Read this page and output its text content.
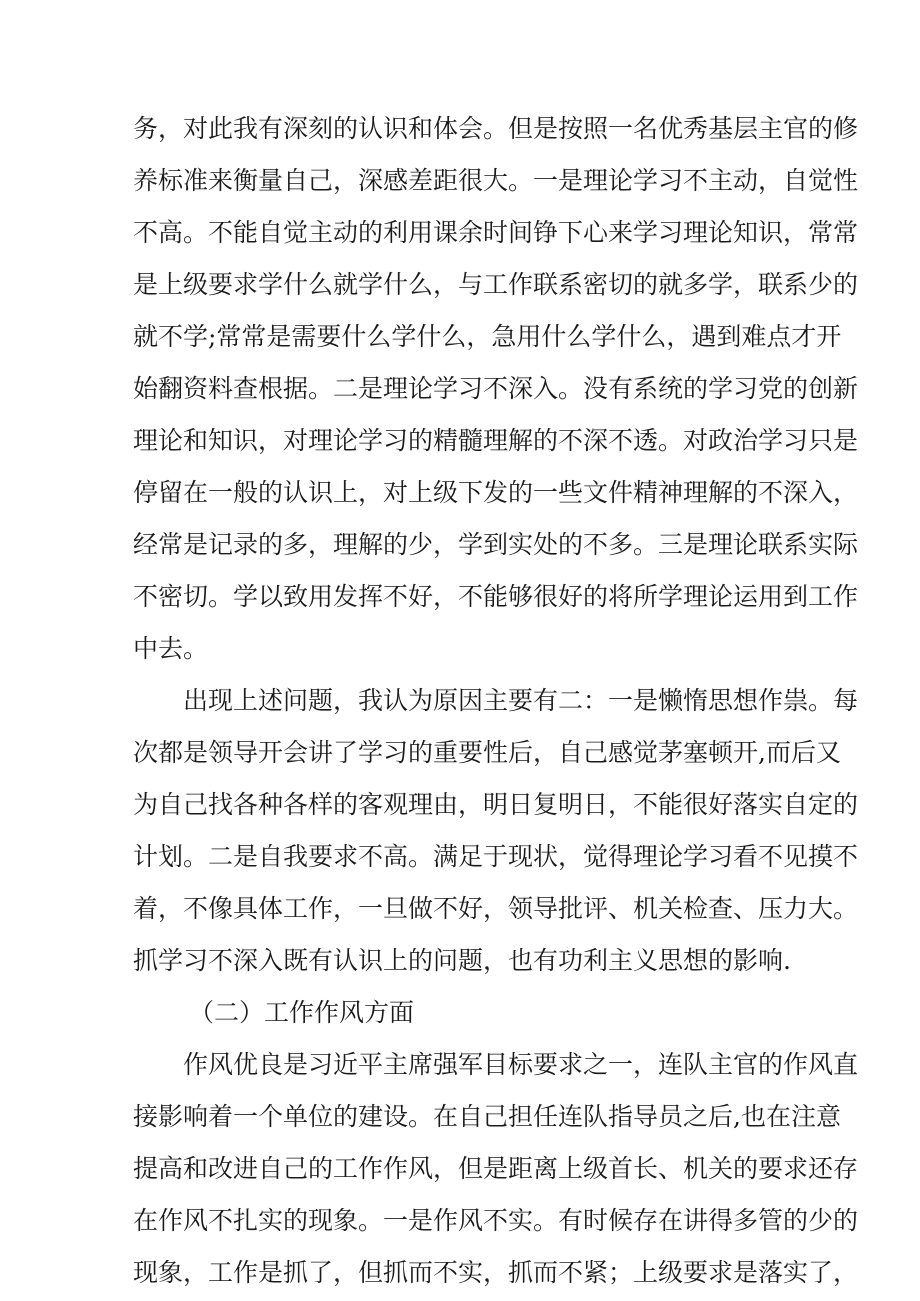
务，对此我有深刻的认识和体会。但是按照一名优秀基层主官的修
养标准来衡量自己，深感差距很大。一是理论学习不主动，自觉性
不高。不能自觉主动的利用课余时间铮下心来学习理论知识，常常
是上级要求学什么就学什么，与工作联系密切的就多学，联系少的
就不学;常常是需要什么学什么，急用什么学什么，遇到难点才开
始翻资料查根据。二是理论学习不深入。没有系统的学习党的创新
理论和知识，对理论学习的精髓理解的不深不透。对政治学习只是
停留在一般的认识上，对上级下发的一些文件精神理解的不深入，
经常是记录的多，理解的少，学到实处的不多。三是理论联系实际
不密切。学以致用发挥不好，不能够很好的将所学理论运用到工作
中去。
出现上述问题，我认为原因主要有二：一是懒惰思想作祟。每
次都是领导开会讲了学习的重要性后，自己感觉茅塞顿开,而后又
为自己找各种各样的客观理由，明日复明日，不能很好落实自定的
计划。二是自我要求不高。满足于现状，觉得理论学习看不见摸不
着，不像具体工作，一旦做不好，领导批评、机关检查、压力大。
抓学习不深入既有认识上的问题，也有功利主义思想的影响.
（二）工作作风方面
作风优良是习近平主席强军目标要求之一，连队主官的作风直
接影响着一个单位的建设。在自己担任连队指导员之后,也在注意
提高和改进自己的工作作风，但是距离上级首长、机关的要求还存
在作风不扎实的现象。一是作风不实。有时候存在讲得多管的少的
现象，工作是抓了，但抓而不实，抓而不紧；上级要求是落实了，
